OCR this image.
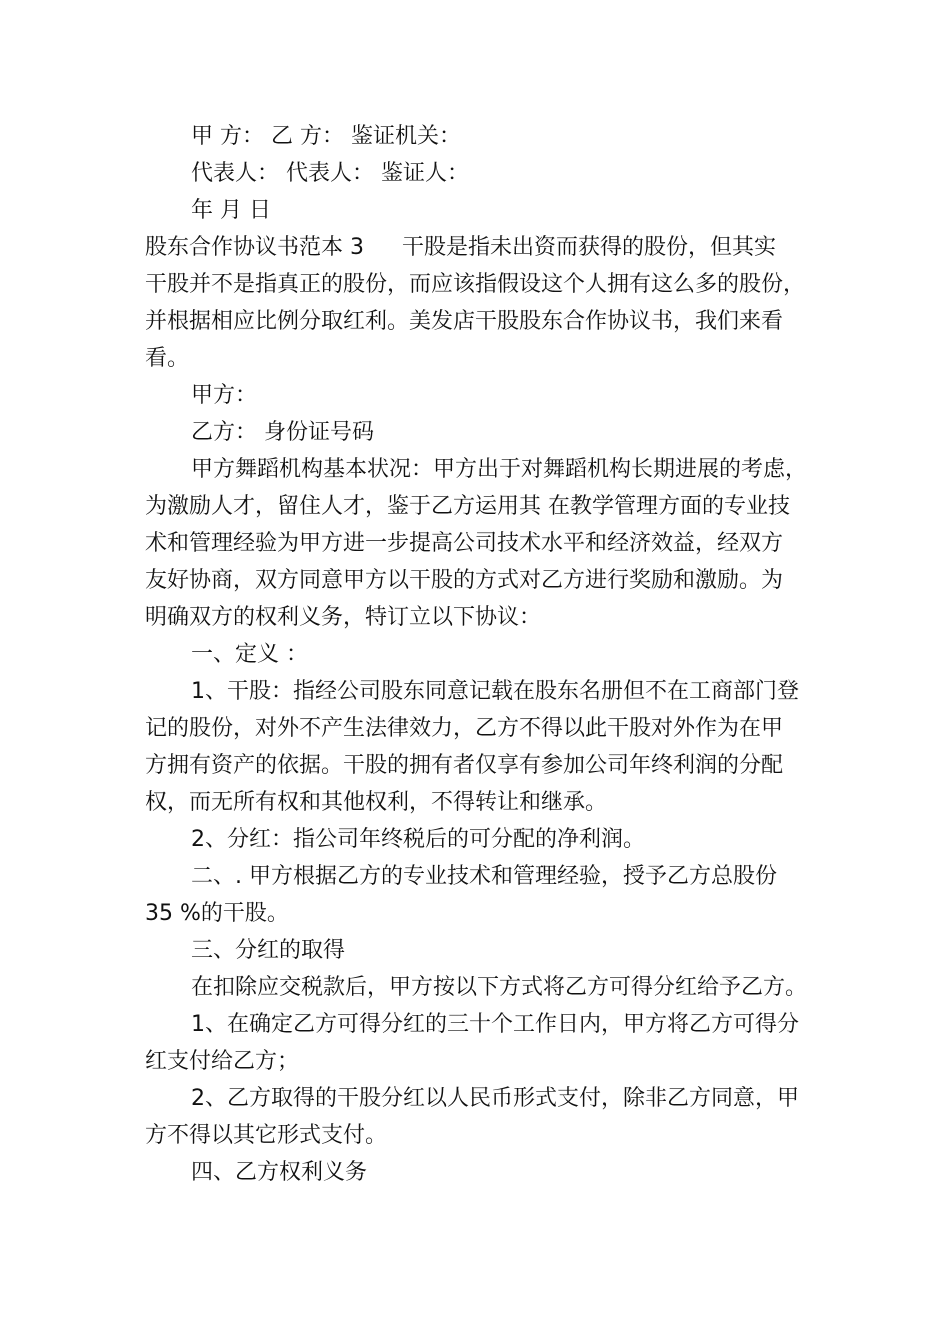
甲 方： 乙 方： 鉴证机关：
代表人： 代表人： 鉴证人：
年 月 日
股东合作协议书范本 3 干股是指未出资而获得的股份，但其实
干股并不是指真正的股份，而应该指假设这个人拥有这么多的股份，
并根据相应比例分取红利。美发店干股股东合作协议书，我们来看
看。
甲方：
乙方： 身份证号码
甲方舞蹈机构基本状况：甲方出于对舞蹈机构长期进展的考虑，
为激励人才，留住人才，鉴于乙方运用其 在教学管理方面的专业技
术和管理经验为甲方进一步提高公司技术水平和经济效益，经双方
友好协商，双方同意甲方以干股的方式对乙方进行奖励和激励。为
明确双方的权利义务，特订立以下协议：
一、定义 ：
1、干股：指经公司股东同意记载在股东名册但不在工商部门登
记的股份，对外不产生法律效力，乙方不得以此干股对外作为在甲
方拥有资产的依据。干股的拥有者仅享有参加公司年终利润的分配
权，而无所有权和其他权利，不得转让和继承。
2、分红：指公司年终税后的可分配的净利润。
二、. 甲方根据乙方的专业技术和管理经验，授予乙方总股份
35 %的干股。
三、分红的取得
在扣除应交税款后，甲方按以下方式将乙方可得分红给予乙方。
1、在确定乙方可得分红的三十个工作日内，甲方将乙方可得分
红支付给乙方；
2、乙方取得的干股分红以人民币形式支付，除非乙方同意，甲
方不得以其它形式支付。
四、乙方权利义务
